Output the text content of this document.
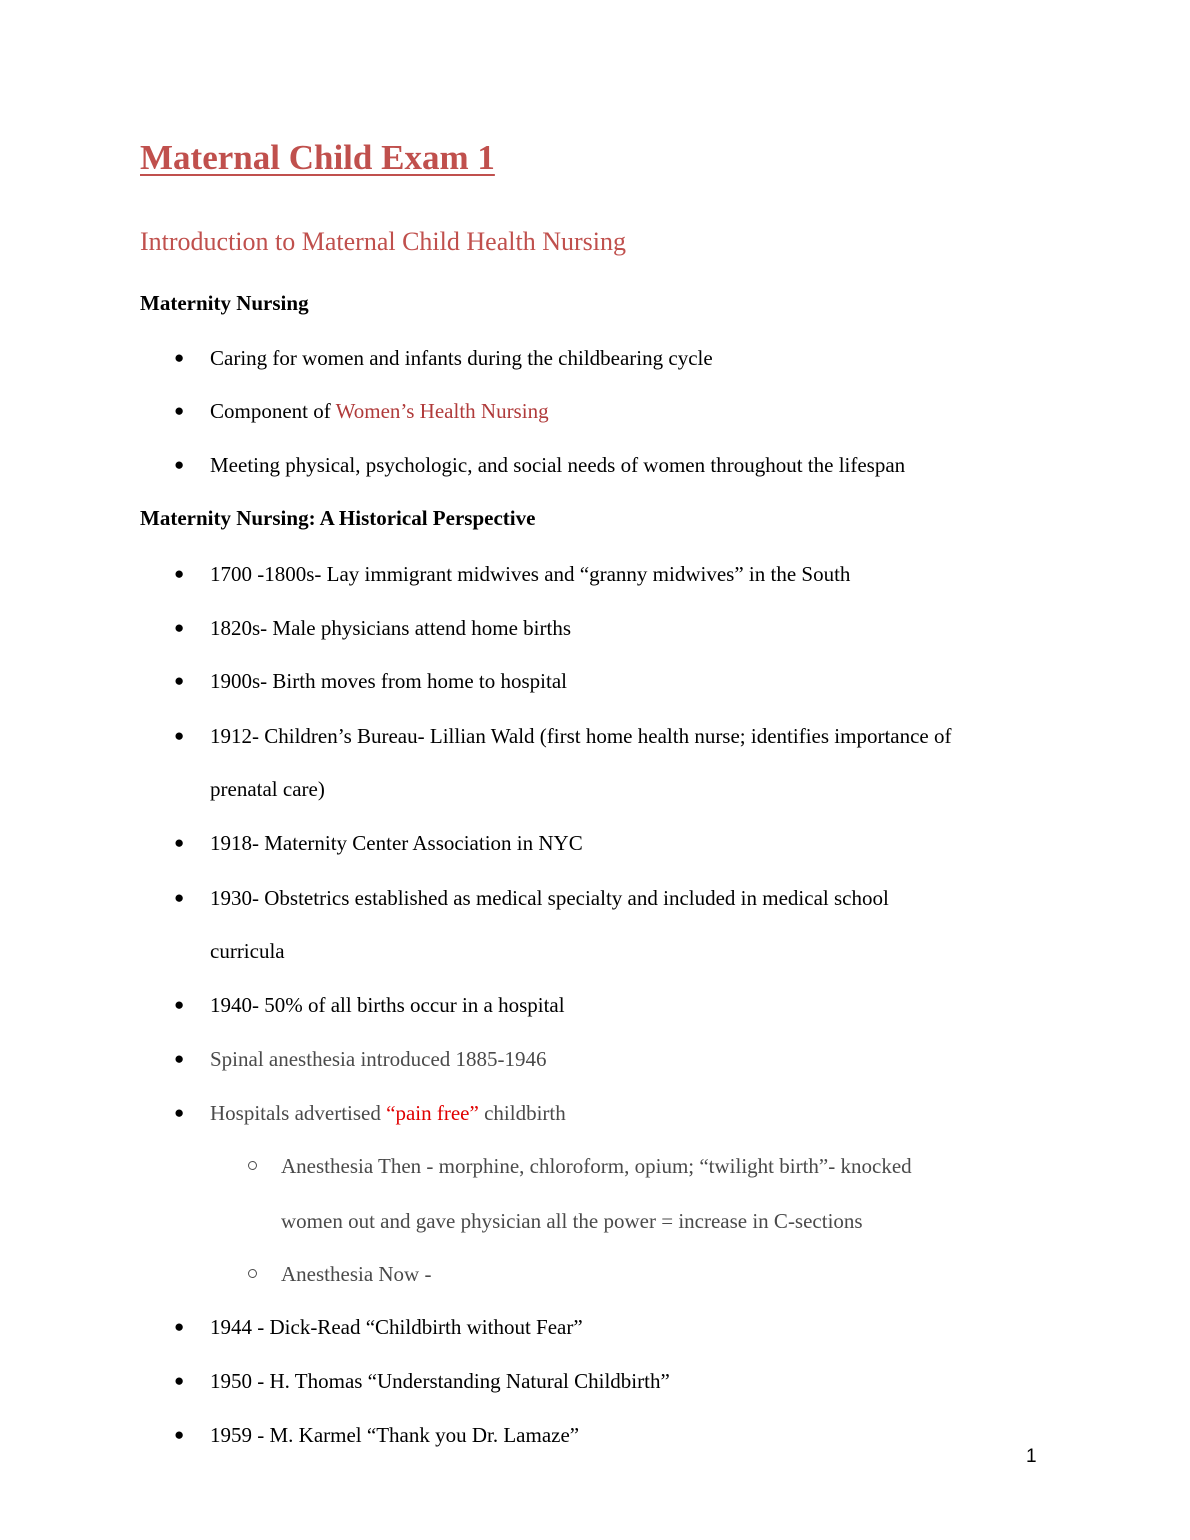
Maternal Child Exam 1
Introduction to Maternal Child Health Nursing
Maternity Nursing
● Caring for women and infants during the childbearing cycle
● Component of Women’s Health Nursing
● Meeting physical, psychologic, and social needs of women throughout the lifespan
Maternity Nursing: A Historical Perspective
● 1700 -1800s- Lay immigrant midwives and “granny midwives” in the South
● 1820s- Male physicians attend home births
● 1900s- Birth moves from home to hospital
● 1912- Children’s Bureau- Lillian Wald (first home health nurse; identifies importance of
prenatal care)
● 1918- Maternity Center Association in NYC
● 1930- Obstetrics established as medical specialty and included in medical school
curricula
● 1940- 50% of all births occur in a hospital
● Spinal anesthesia introduced 1885-1946
● Hospitals advertised “pain free” childbirth
Anesthesia Then - morphine, chloroform, opium; “twilight birth”- knocked
women out and gave physician all the power = increase in C-sections
Anesthesia Now -
● 1944 - Dick-Read “Childbirth without Fear”
● 1950 - H. Thomas “Understanding Natural Childbirth”
● 1959 - M. Karmel “Thank you Dr. Lamaze”
1
